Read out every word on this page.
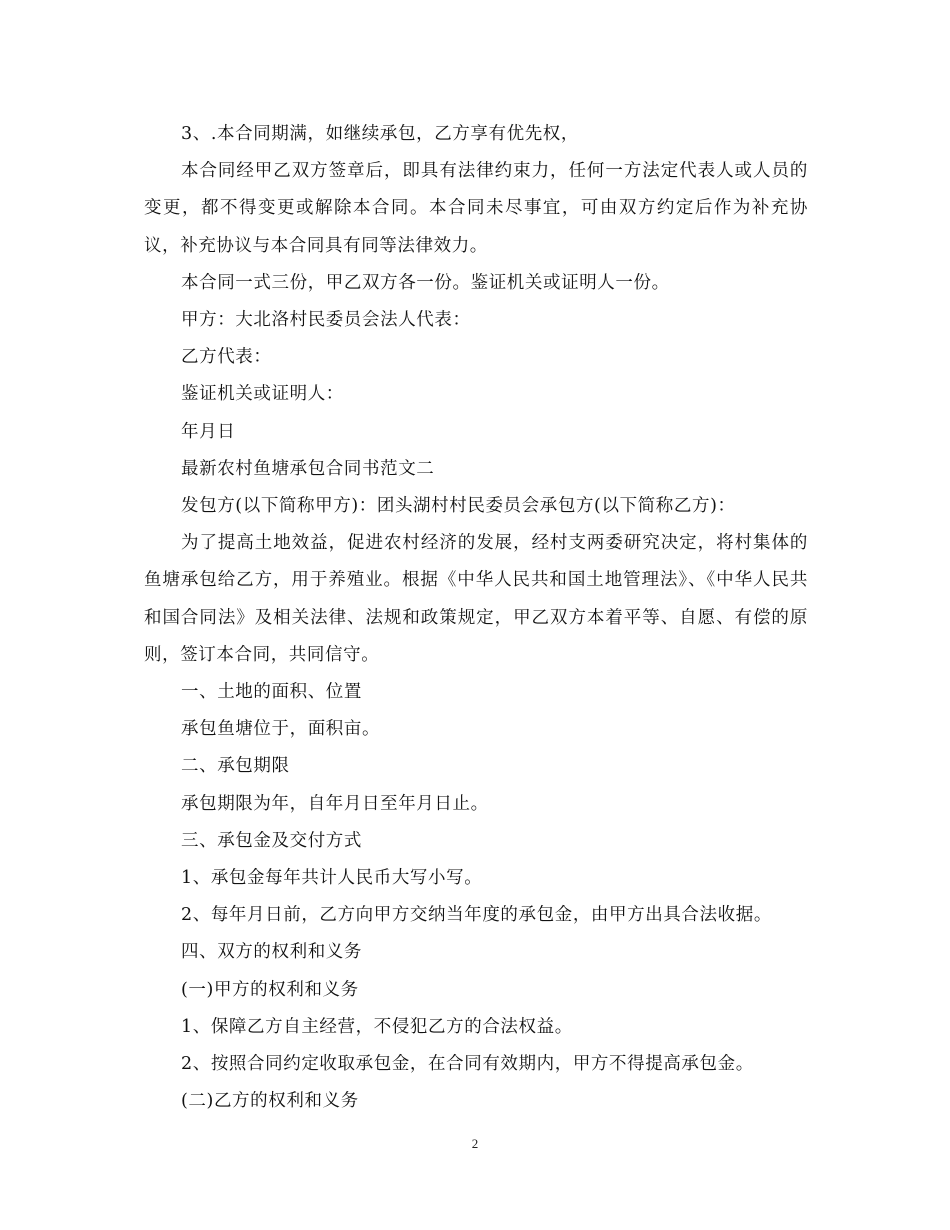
3、.本合同期满，如继续承包，乙方享有优先权，

本合同经甲乙双方签章后，即具有法律约束力，任何一方法定代表人或人员的变更，都不得变更或解除本合同。本合同未尽事宜，可由双方约定后作为补充协议，补充协议与本合同具有同等法律效力。

本合同一式三份，甲乙双方各一份。鉴证机关或证明人一份。

甲方：大北洛村民委员会法人代表：

乙方代表：

鉴证机关或证明人：

年月日

最新农村鱼塘承包合同书范文二

发包方(以下简称甲方)：团头湖村村民委员会承包方(以下简称乙方)：

为了提高土地效益，促进农村经济的发展，经村支两委研究决定，将村集体的鱼塘承包给乙方，用于养殖业。根据《中华人民共和国土地管理法》、《中华人民共和国合同法》及相关法律、法规和政策规定，甲乙双方本着平等、自愿、有偿的原则，签订本合同，共同信守。

一、土地的面积、位置

承包鱼塘位于，面积亩。

二、承包期限

承包期限为年，自年月日至年月日止。

三、承包金及交付方式

1、承包金每年共计人民币大写小写。

2、每年月日前，乙方向甲方交纳当年度的承包金，由甲方出具合法收据。

四、双方的权利和义务

(一)甲方的权利和义务

1、保障乙方自主经营，不侵犯乙方的合法权益。

2、按照合同约定收取承包金，在合同有效期内，甲方不得提高承包金。

(二)乙方的权利和义务

2
